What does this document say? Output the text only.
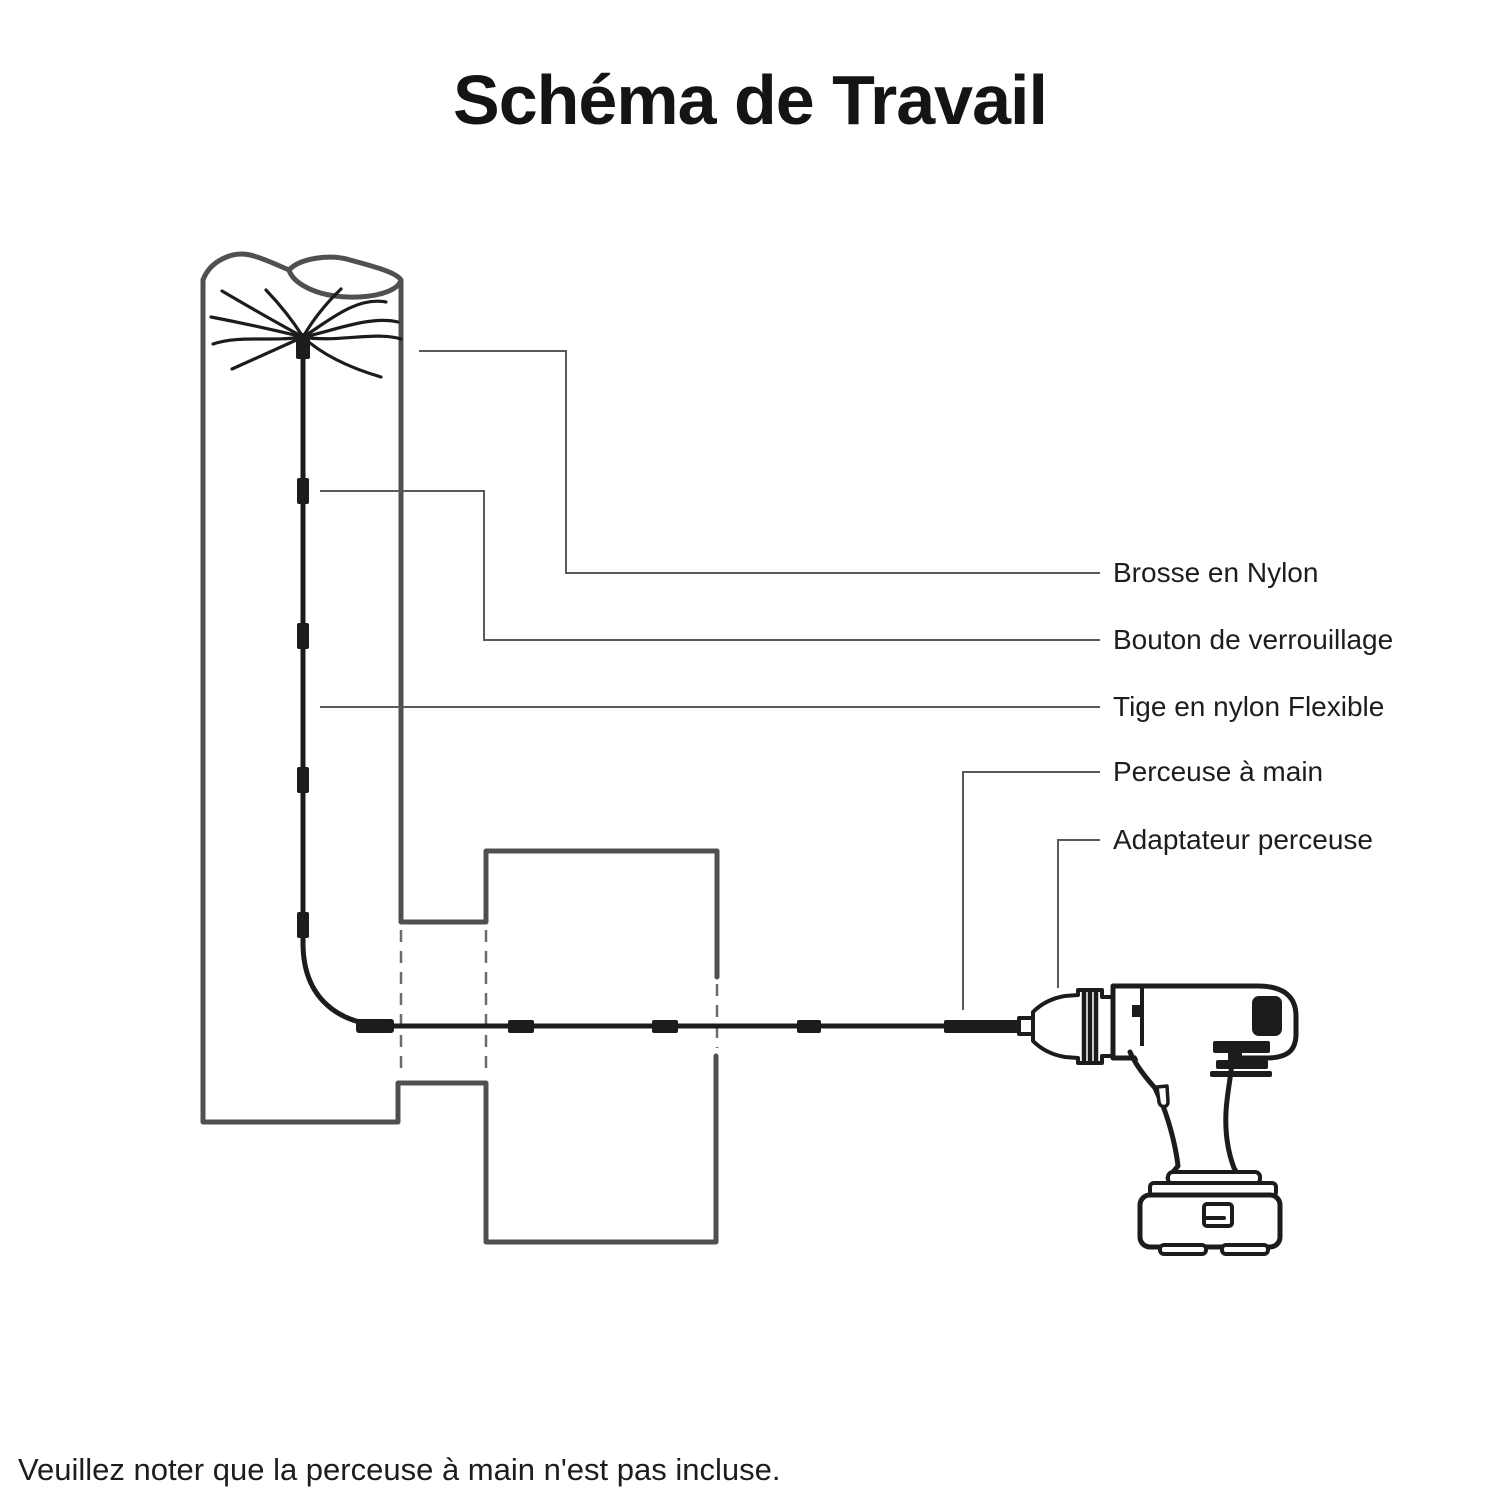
Schéma de Travail
Brosse en Nylon
Bouton de verrouillage
Tige en nylon Flexible
Perceuse à main
Adaptateur perceuse
Veuillez noter que la perceuse à main n'est pas incluse.
